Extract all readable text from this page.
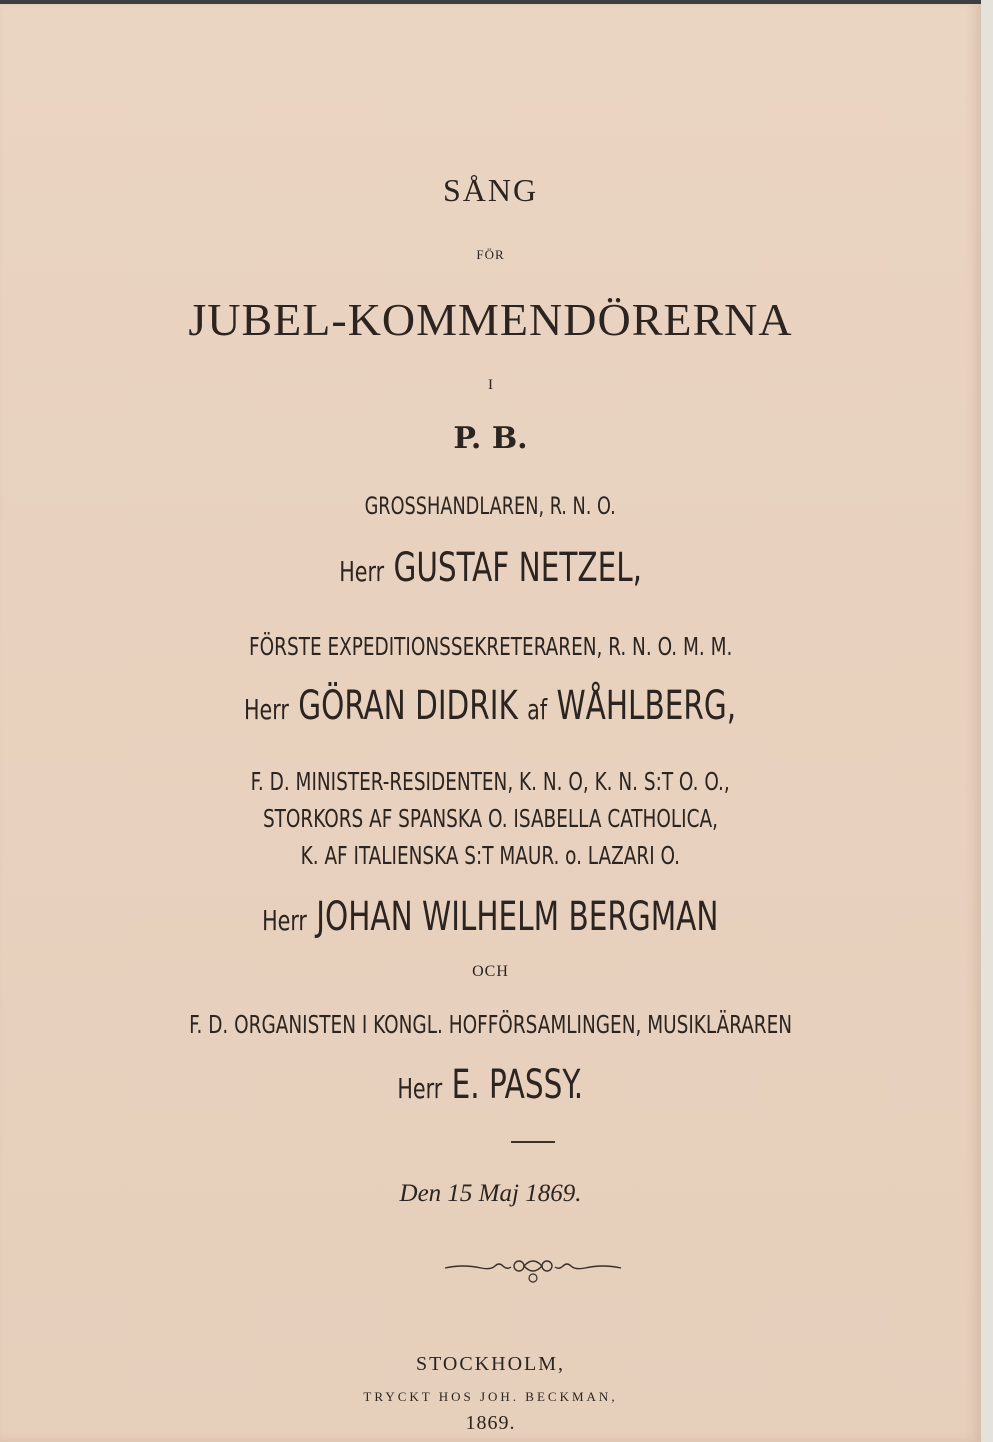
SÅNG
FÖR
JUBEL-KOMMENDÖRERNA
I
P. B.
GROSSHANDLAREN, R. N. O.
Herr GUSTAF NETZEL,
FÖRSTE EXPEDITIONSSEKRETERAREN, R. N. O. M. M.
Herr GÖRAN DIDRIK af WÅHLBERG,
F. D. MINISTER-RESIDENTEN, K. N. O, K. N. S:T O. O.,
STORKORS AF SPANSKA O. ISABELLA CATHOLICA,
K. AF ITALIENSKA S:T MAUR. o. LAZARI O.
Herr JOHAN WILHELM BERGMAN
OCH
F. D. ORGANISTEN I KONGL. HOFFÖRSAMLINGEN, MUSIKLÄRAREN
Herr E. PASSY.
Den 15 Maj 1869.
STOCKHOLM,
TRYCKT HOS JOH. BECKMAN,
1869.
